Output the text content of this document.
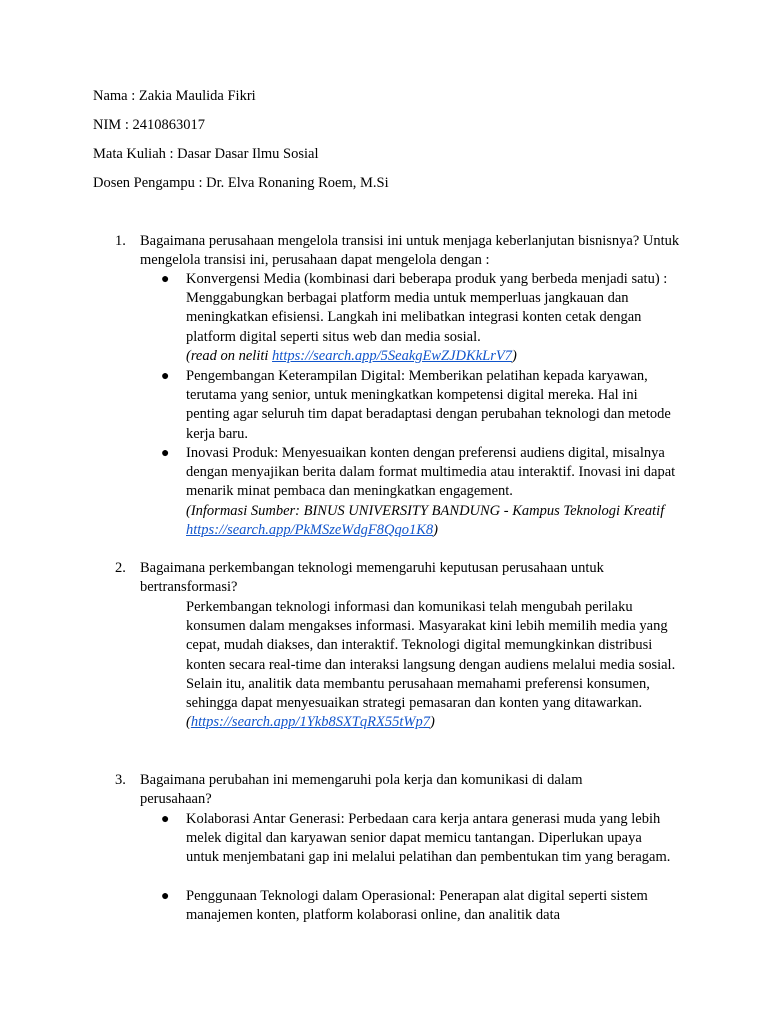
Nama : Zakia Maulida Fikri

NIM : 2410863017

Mata Kuliah : Dasar Dasar Ilmu Sosial

Dosen Pengampu : Dr. Elva Ronaning Roem, M.Si

1. Bagaimana perusahaan mengelola transisi ini untuk menjaga keberlanjutan bisnisnya? Untuk mengelola transisi ini, perusahaan dapat mengelola dengan :

● Konvergensi Media (kombinasi dari beberapa produk yang berbeda menjadi satu) : Menggabungkan berbagai platform media untuk memperluas jangkauan dan meningkatkan efisiensi. Langkah ini melibatkan integrasi konten cetak dengan platform digital seperti situs web dan media sosial.
(read on neliti https://search.app/5SeakgEwZJDKkLrV7)
● Pengembangan Keterampilan Digital: Memberikan pelatihan kepada karyawan, terutama yang senior, untuk meningkatkan kompetensi digital mereka. Hal ini penting agar seluruh tim dapat beradaptasi dengan perubahan teknologi dan metode kerja baru.
● Inovasi Produk: Menyesuaikan konten dengan preferensi audiens digital, misalnya dengan menyajikan berita dalam format multimedia atau interaktif. Inovasi ini dapat menarik minat pembaca dan meningkatkan engagement.
(Informasi Sumber: BINUS UNIVERSITY BANDUNG - Kampus Teknologi Kreatif https://search.app/PkMSzeWdgF8Qqo1K8)
2. Bagaimana perkembangan teknologi memengaruhi keputusan perusahaan untuk bertransformasi?

Perkembangan teknologi informasi dan komunikasi telah mengubah perilaku konsumen dalam mengakses informasi. Masyarakat kini lebih memilih media yang cepat, mudah diakses, dan interaktif. Teknologi digital memungkinkan distribusi konten secara real-time dan interaksi langsung dengan audiens melalui media sosial. Selain itu, analitik data membantu perusahaan memahami preferensi konsumen, sehingga dapat menyesuaikan strategi pemasaran dan konten yang ditawarkan.
(https://search.app/1Ykb8SXTqRX55tWp7)
3. Bagaimana perubahan ini memengaruhi pola kerja dan komunikasi di dalam perusahaan?

● Kolaborasi Antar Generasi: Perbedaan cara kerja antara generasi muda yang lebih melek digital dan karyawan senior dapat memicu tantangan. Diperlukan upaya untuk menjembatani gap ini melalui pelatihan dan pembentukan tim yang beragam.
● Penggunaan Teknologi dalam Operasional: Penerapan alat digital seperti sistem manajemen konten, platform kolaborasi online, dan analitik data
